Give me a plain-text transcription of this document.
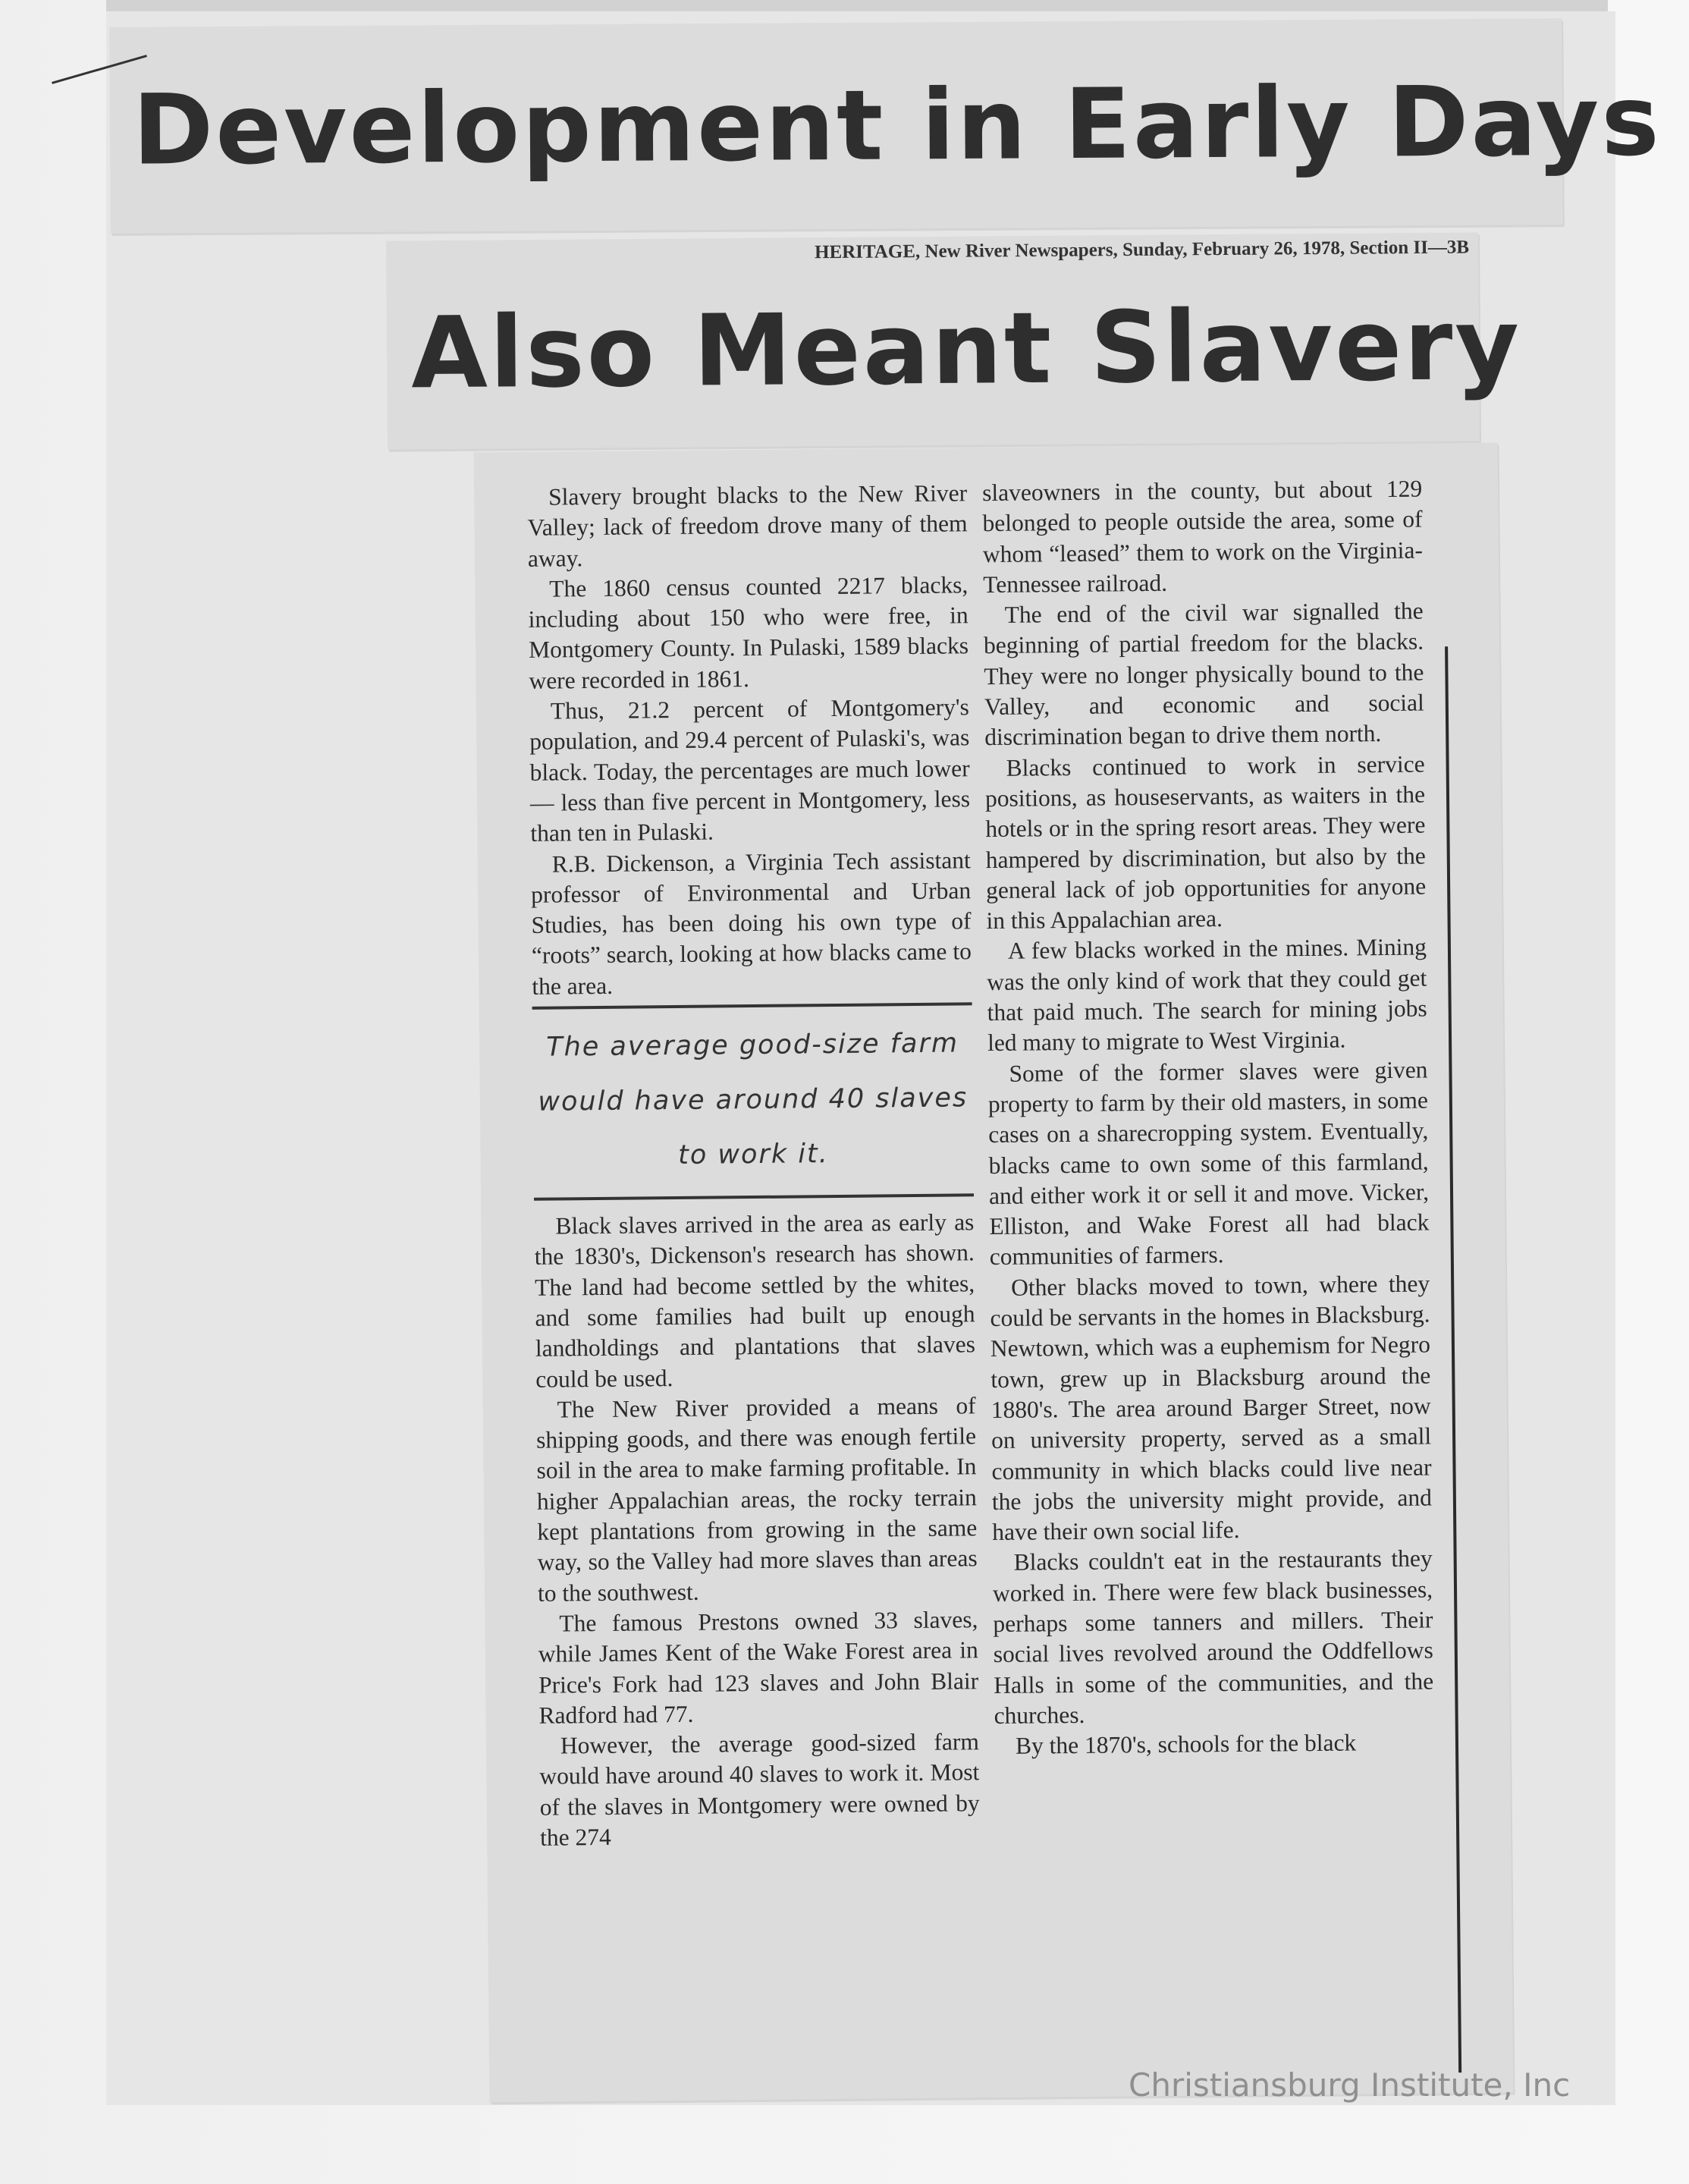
Development in Early Days
HERITAGE, New River Newspapers, Sunday, February 26, 1978, Section II—3B
Also Meant Slavery

Slavery brought blacks to the New River Valley; lack of freedom drove many of them away.

The 1860 census counted 2217 blacks, including about 150 who were free, in Montgomery County. In Pulaski, 1589 blacks were recorded in 1861.

Thus, 21.2 percent of Montgomery's population, and 29.4 percent of Pulaski's, was black. Today, the percentages are much lower — less than five percent in Montgomery, less than ten in Pulaski.

R.B. Dickenson, a Virginia Tech assistant professor of Environmental and Urban Studies, has been doing his own type of “roots” search, looking at how blacks came to the area.

The average good-size farm would have around 40 slaves to work it.

Black slaves arrived in the area as early as the 1830's, Dickenson's research has shown. The land had become settled by the whites, and some families had built up enough landholdings and plantations that slaves could be used.

The New River provided a means of shipping goods, and there was enough fertile soil in the area to make farming profitable. In higher Appalachian areas, the rocky terrain kept plantations from growing in the same way, so the Valley had more slaves than areas to the southwest.

The famous Prestons owned 33 slaves, while James Kent of the Wake Forest area in Price's Fork had 123 slaves and John Blair Radford had 77.

However, the average good-sized farm would have around 40 slaves to work it. Most of the slaves in Montgomery were owned by the 274

slaveowners in the county, but about 129 belonged to people outside the area, some of whom “leased” them to work on the Virginia-Tennessee railroad.

The end of the civil war signalled the beginning of partial freedom for the blacks. They were no longer physically bound to the Valley, and economic and social discrimination began to drive them north.

Blacks continued to work in service positions, as houseservants, as waiters in the hotels or in the spring resort areas. They were hampered by discrimination, but also by the general lack of job opportunities for anyone in this Appalachian area.

A few blacks worked in the mines. Mining was the only kind of work that they could get that paid much. The search for mining jobs led many to migrate to West Virginia.

Some of the former slaves were given property to farm by their old masters, in some cases on a sharecropping system. Eventually, blacks came to own some of this farmland, and either work it or sell it and move. Vicker, Elliston, and Wake Forest all had black communities of farmers.

Other blacks moved to town, where they could be servants in the homes in Blacksburg. Newtown, which was a euphemism for Negro town, grew up in Blacksburg around the 1880's. The area around Barger Street, now on university property, served as a small community in which blacks could live near the jobs the university might provide, and have their own social life.

Blacks couldn't eat in the restaurants they worked in. There were few black businesses, perhaps some tanners and millers. Their social lives revolved around the Oddfellows Halls in some of the communities, and the churches.

By the 1870's, schools for the black

Christiansburg Institute, Inc
